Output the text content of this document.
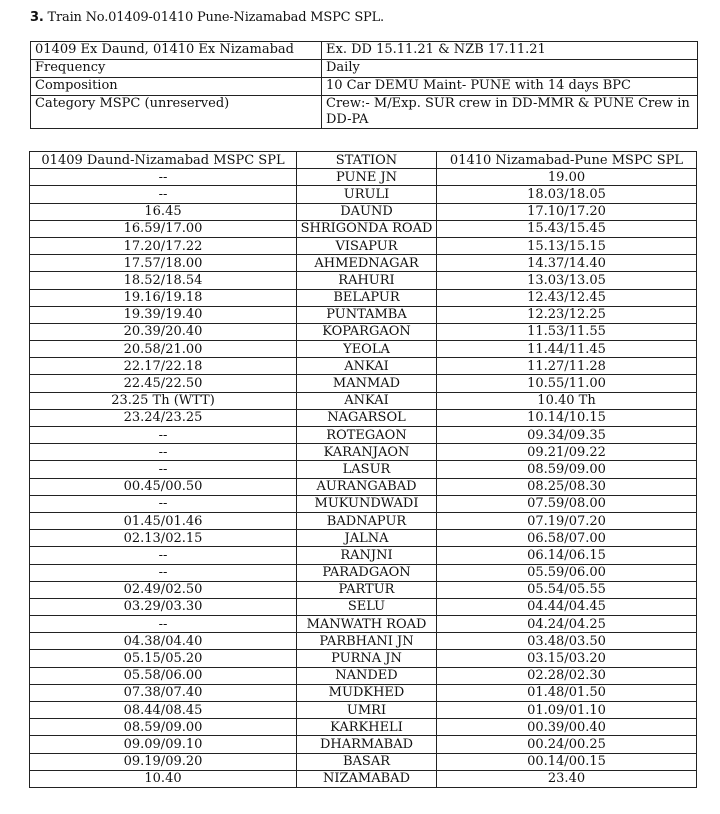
3. Train No.01409-01410 Pune-Nizamabad MSPC SPL.
01409 Ex Daund, 01410 Ex Nizamabad	Ex. DD 15.11.21 & NZB 17.11.21
Frequency	Daily
Composition	10 Car DEMU Maint- PUNE with 14 days BPC
Category MSPC (unreserved)	Crew:- M/Exp. SUR crew in DD-MMR & PUNE Crew in DD-PA
01409 Daund-Nizamabad MSPC SPL	STATION	01410 Nizamabad-Pune MSPC SPL
--	PUNE JN	19.00
--	URULI	18.03/18.05
16.45	DAUND	17.10/17.20
16.59/17.00	SHRIGONDA ROAD	15.43/15.45
17.20/17.22	VISAPUR	15.13/15.15
17.57/18.00	AHMEDNAGAR	14.37/14.40
18.52/18.54	RAHURI	13.03/13.05
19.16/19.18	BELAPUR	12.43/12.45
19.39/19.40	PUNTAMBA	12.23/12.25
20.39/20.40	KOPARGAON	11.53/11.55
20.58/21.00	YEOLA	11.44/11.45
22.17/22.18	ANKAI	11.27/11.28
22.45/22.50	MANMAD	10.55/11.00
23.25 Th (WTT)	ANKAI	10.40 Th
23.24/23.25	NAGARSOL	10.14/10.15
--	ROTEGAON	09.34/09.35
--	KARANJAON	09.21/09.22
--	LASUR	08.59/09.00
00.45/00.50	AURANGABAD	08.25/08.30
--	MUKUNDWADI	07.59/08.00
01.45/01.46	BADNAPUR	07.19/07.20
02.13/02.15	JALNA	06.58/07.00
--	RANJNI	06.14/06.15
--	PARADGAON	05.59/06.00
02.49/02.50	PARTUR	05.54/05.55
03.29/03.30	SELU	04.44/04.45
--	MANWATH ROAD	04.24/04.25
04.38/04.40	PARBHANI JN	03.48/03.50
05.15/05.20	PURNA JN	03.15/03.20
05.58/06.00	NANDED	02.28/02.30
07.38/07.40	MUDKHED	01.48/01.50
08.44/08.45	UMRI	01.09/01.10
08.59/09.00	KARKHELI	00.39/00.40
09.09/09.10	DHARMABAD	00.24/00.25
09.19/09.20	BASAR	00.14/00.15
10.40	NIZAMABAD	23.40
